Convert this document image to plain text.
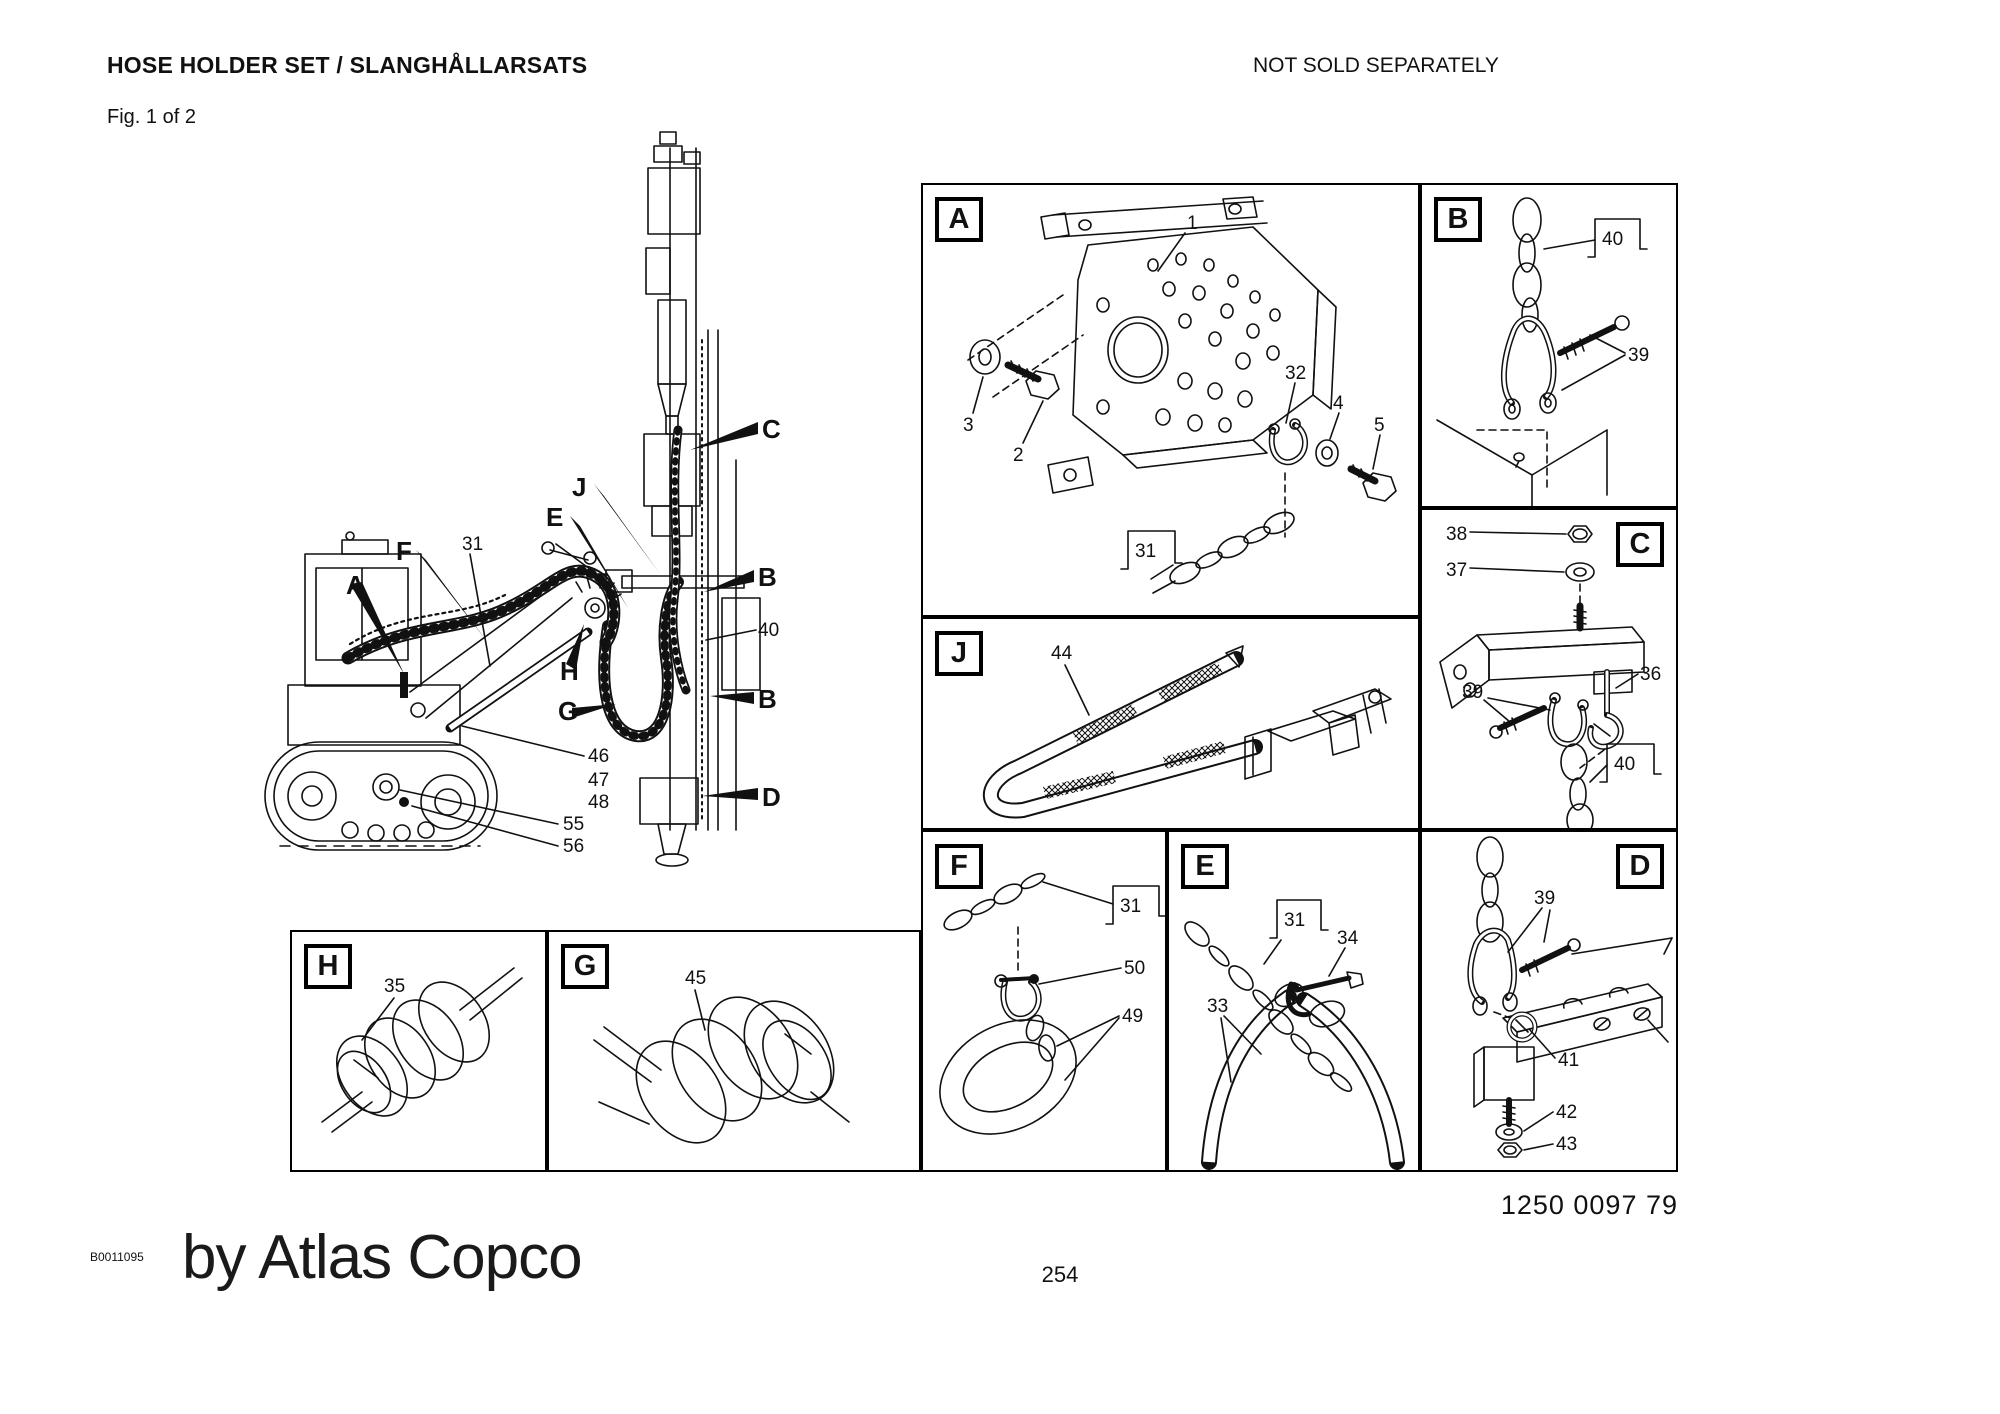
HOSE HOLDER SET / SLANGHÅLLARSATS	NOT SOLD SEPARATELY
Fig. 1 of 2
C
J
E
F
A	B
B
D
H
G
31
40
46
47
48
55
56
A	1
3
2
32
4
5
31
B
40
39
C
38
37
36
39
40
J	44
F
31
50
49
E
31
34
33
D
39
41
42
43
H
35
G	45
1250 0097 79
B0011095 by Atlas Copco	254
